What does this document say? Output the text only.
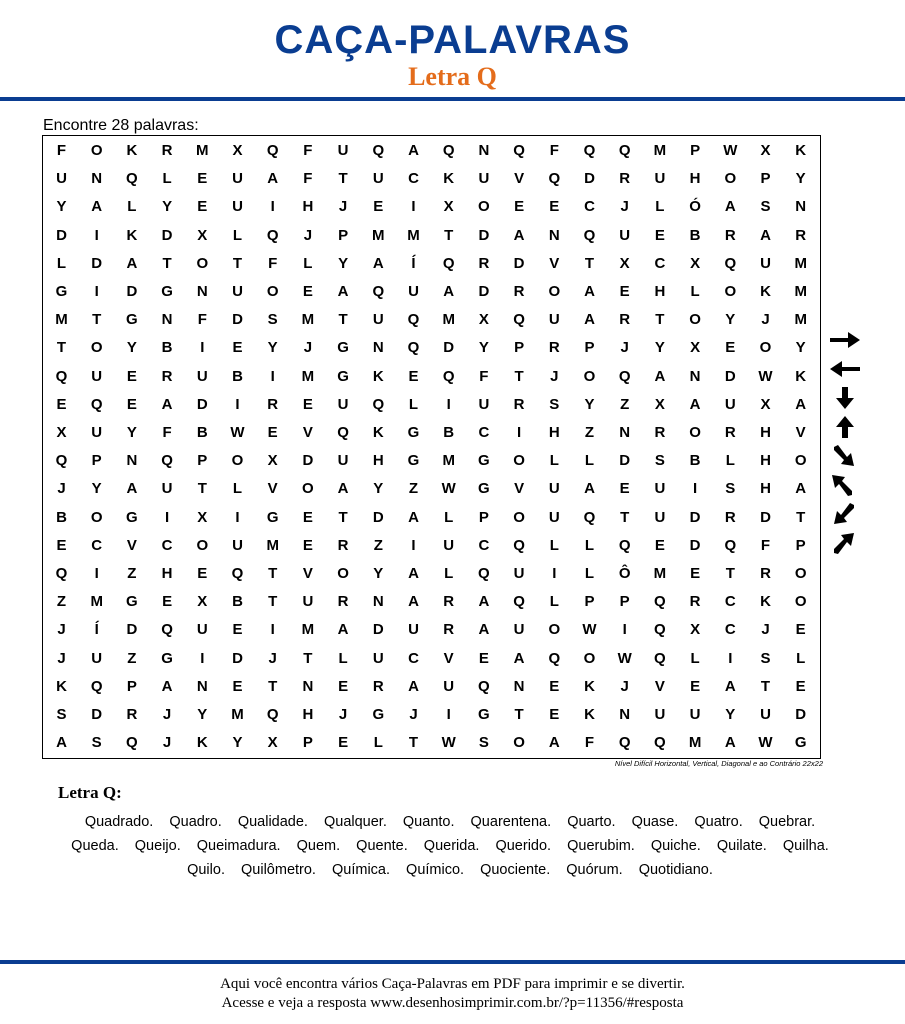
CAÇA-PALAVRAS
Letra Q
Encontre 28 palavras:
F	O	K	R	M	X	Q	F	U	Q	A	Q	N	Q	F	Q	Q	M	P	W	X	K
U	N	Q	L	E	U	A	F	T	U	C	K	U	V	Q	D	R	U	H	O	P	Y
Y	A	L	Y	E	U	I	H	J	E	I	X	O	E	E	C	J	L	Ó	A	S	N
D	I	K	D	X	L	Q	J	P	M	M	T	D	A	N	Q	U	E	B	R	A	R
L	D	A	T	O	T	F	L	Y	A	Í	Q	R	D	V	T	X	C	X	Q	U	M
G	I	D	G	N	U	O	E	A	Q	U	A	D	R	O	A	E	H	L	O	K	M
M	T	G	N	F	D	S	M	T	U	Q	M	X	Q	U	A	R	T	O	Y	J	M
T	O	Y	B	I	E	Y	J	G	N	Q	D	Y	P	R	P	J	Y	X	E	O	Y
Q	U	E	R	U	B	I	M	G	K	E	Q	F	T	J	O	Q	A	N	D	W	K
E	Q	E	A	D	I	R	E	U	Q	L	I	U	R	S	Y	Z	X	A	U	X	A
X	U	Y	F	B	W	E	V	Q	K	G	B	C	I	H	Z	N	R	O	R	H	V
Q	P	N	Q	P	O	X	D	U	H	G	M	G	O	L	L	D	S	B	L	H	O
J	Y	A	U	T	L	V	O	A	Y	Z	W	G	V	U	A	E	U	I	S	H	A
B	O	G	I	X	I	G	E	T	D	A	L	P	O	U	Q	T	U	D	R	D	T
E	C	V	C	O	U	M	E	R	Z	I	U	C	Q	L	L	Q	E	D	Q	F	P
Q	I	Z	H	E	Q	T	V	O	Y	A	L	Q	U	I	L	Ô	M	E	T	R	O
Z	M	G	E	X	B	T	U	R	N	A	R	A	Q	L	P	P	Q	R	C	K	O
J	Í	D	Q	U	E	I	M	A	D	U	R	A	U	O	W	I	Q	X	C	J	E
J	U	Z	G	I	D	J	T	L	U	C	V	E	A	Q	O	W	Q	L	I	S	L
K	Q	P	A	N	E	T	N	E	R	A	U	Q	N	E	K	J	V	E	A	T	E
S	D	R	J	Y	M	Q	H	J	G	J	I	G	T	E	K	N	U	U	Y	U	D
A	S	Q	J	K	Y	X	P	E	L	T	W	S	O	A	F	Q	Q	M	A	W	G
Nível Difícil Horizontal, Vertical, Diagonal e ao Contrário 22x22
Letra Q:
Quadrado. Quadro. Qualidade. Qualquer. Quanto. Quarentena. Quarto. Quase. Quatro. Quebrar. Queda. Queijo. Queimadura. Quem. Quente. Querida. Querido. Querubim. Quiche. Quilate. Quilha. Quilo. Quilômetro. Química. Químico. Quociente. Quórum. Quotidiano.
Aqui você encontra vários Caça-Palavras em PDF para imprimir e se divertir.
Acesse e veja a resposta www.desenhosimprimir.com.br/?p=11356/#resposta
